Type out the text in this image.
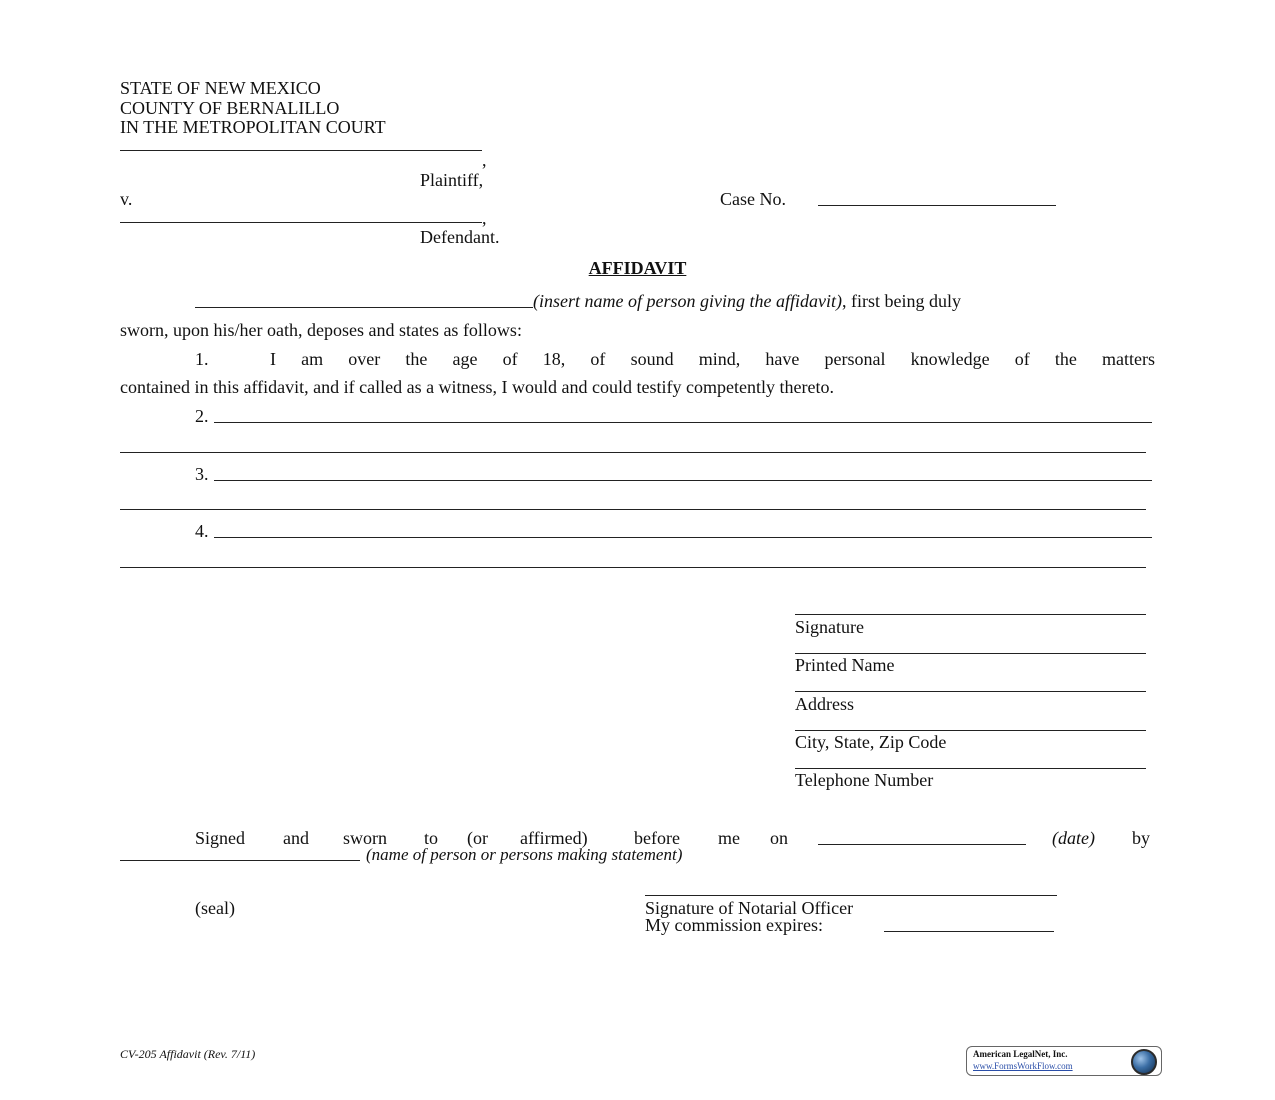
STATE OF NEW MEXICO
COUNTY OF BERNALILLO
IN THE METROPOLITAN COURT
,
Plaintiff,
v.	Case No.
,
Defendant.
AFFIDAVIT
(insert name of person giving the affidavit), first being duly
sworn, upon his/her oath, deposes and states as follows:
1.	I am over the age of 18, of sound mind, have personal knowledge of the matters
contained in this affidavit, and if called as a witness, I would and could testify competently thereto.
2.
3.
4.
Signature
Printed Name
Address
City, State, Zip Code
Telephone Number
Signed and sworn to (or affirmed)	before me on	(date) by
(name of person or persons making statement)
(seal)	Signature of Notarial Officer
My commission expires:
CV-205 Affidavit (Rev. 7/11)	American LegalNet, Inc.
www.FormsWorkFlow.com
